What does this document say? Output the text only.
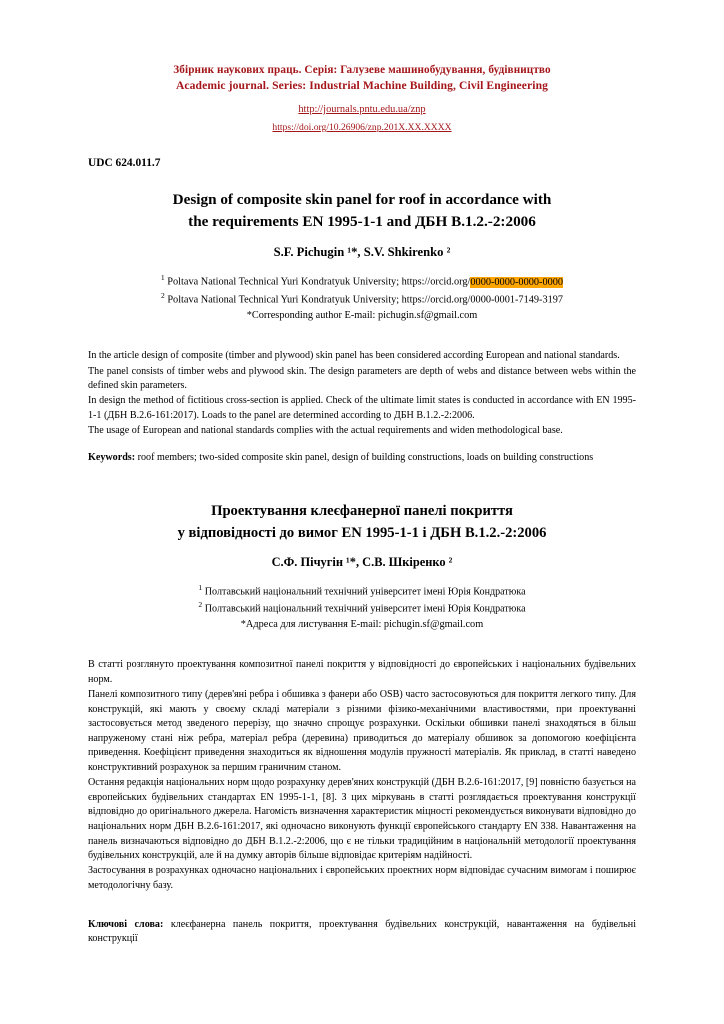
Збірник наукових праць. Серія: Галузеве машинобудування, будівництво
Academic journal. Series: Industrial Machine Building, Civil Engineering
http://journals.pntu.edu.ua/znp
https://doi.org/10.26906/znp.201X.XX.XXXX
UDC 624.011.7
Design of composite skin panel for roof in accordance with
the requirements EN 1995-1-1 and ДБН В.1.2.-2:2006
S.F. Pichugin ¹*, S.V. Shkirenko ²
$^1$ Poltava National Technical Yuri Kondratyuk University; https://orcid.org/0000-0000-0000-0000
$^2$ Poltava National Technical Yuri Kondratyuk University; https://orcid.org/0000-0001-7149-3197
*Corresponding author E-mail: pichugin.sf@gmail.com

In the article design of composite (timber and plywood) skin panel has been considered according European and national standards.

The panel consists of timber webs and plywood skin. The design parameters are depth of webs and distance between webs within the defined skin parameters.

In design the method of fictitious cross-section is applied. Check of the ultimate limit states is conducted in accordance with EN 1995-1-1 (ДБН В.2.6-161:2017). Loads to the panel are determined according to ДБН В.1.2.-2:2006.

The usage of European and national standards complies with the actual requirements and widen methodological base.

Keywords: roof members; two-sided composite skin panel, design of building constructions, loads on building constructions
Проектування клеєфанерної панелі покриття
у відповідності до вимог EN 1995-1-1 і ДБН В.1.2.-2:2006
С.Ф. Пічугін ¹*, С.В. Шкіренко ²
$^1$ Полтавський національний технічний університет імені Юрія Кондратюка
$^2$ Полтавський національний технічний університет імені Юрія Кондратюка
*Адреса для листування E-mail: pichugin.sf@gmail.com

В статті розглянуто проектування композитної панелі покриття у відповідності до європейських і національних будівельних норм.

Панелі композитного типу (дерев'яні ребра і обшивка з фанери або OSB) часто застосовуються для покриття легкого типу. Для конструкцій, які мають у своєму складі матеріали з різними фізико-механічними властивостями, при проектуванні застосовується метод зведеного перерізу, що значно спрощує розрахунки. Оскільки обшивки панелі знаходяться в більш напруженому стані ніж ребра, матеріал ребра (деревина) приводиться до матеріалу обшивок за допомогою коефіцієнта приведення. Коефіцієнт приведення знаходиться як відношення модулів пружності матеріалів. Як приклад, в статті наведено конструктивний розрахунок за першим граничним станом.

Остання редакція національних норм щодо розрахунку дерев'яних конструкцій (ДБН В.2.6-161:2017, [9] повністю базується на європейських будівельних стандартах EN 1995-1-1, [8]. З цих міркувань в статті розглядається проектування конструкції відповідно до оригінального джерела. Нагомість визначення характеристик міцності рекомендується виконувати відповідно до національних норм ДБН В.2.6-161:2017, які одночасно виконують функції європейського стандарту EN 338. Навантаження на панель визначаються відповідно до ДБН В.1.2.-2:2006, що є не тільки традиційним в національній методології проектування будівельних конструкцій, але й на думку авторів більше відповідає критеріям надійності.

Застосування в розрахунках одночасно національних і європейських проектних норм відповідає сучасним вимогам і поширює методологічну базу.

Ключові слова: клеєфанерна панель покриття, проектування будівельних конструкцій, навантаження на будівельні конструкції
